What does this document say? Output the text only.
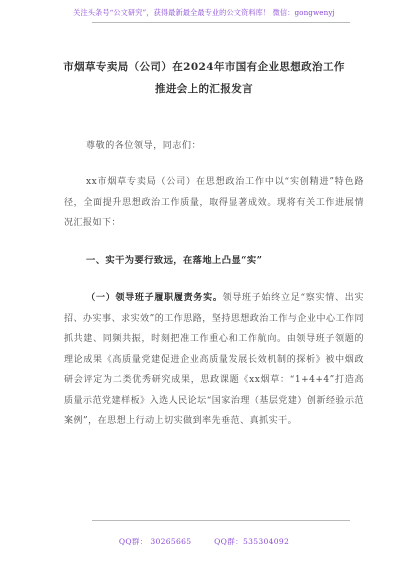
关注头条号“公文研究”，获得最新最全最专业的公文资料库！ 微信：gongwenyj
市烟草专卖局（公司）在2024年市国有企业思想政治工作
推进会上的汇报发言
尊敬的各位领导，同志们：
xx市烟草专卖局（公司）在思想政治工作中以“实创精进”特色路径，全面提升思想政治工作质量，取得显著成效。现将有关工作进展情况汇报如下：
一、实干为要行致远，在落地上凸显“实”
（一）领导班子履职履责务实。领导班子始终立足“察实情、出实招、办实事、求实效”的工作思路，坚持思想政治工作与企业中心工作同抓共建、同频共振，时刻把准工作重心和工作航向。由领导班子领题的理论成果《高质量党建促进企业高质量发展长效机制的探析》被中烟政研会评定为二类优秀研究成果，思政课题《xx烟草：“1+4+4”打造高质量示范党建样板》入选人民论坛“国家治理（基层党建）创新经验示范案例”，在思想上行动上切实做到率先垂范、真抓实干。
QQ群： 30265665	QQ群：535304092
